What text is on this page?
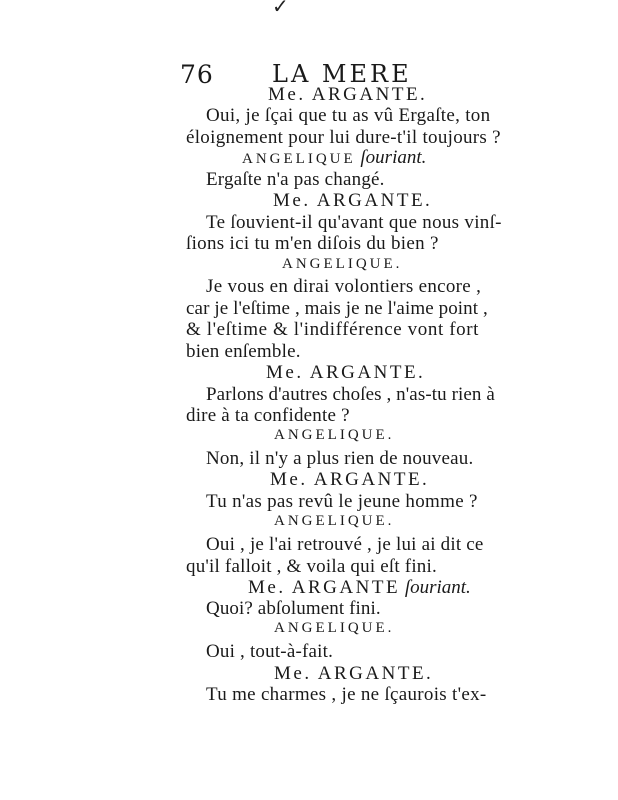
✓
76 LA MERE
Me. ARGANTE.
Oui, je ſçai que tu as vû Ergaſte, ton
éloignement pour lui dure-t'il toujours ?
ANGELIQUE ſouriant.
Ergaſte n'a pas changé.
Me. ARGANTE.
Te ſouvient-il qu'avant que nous vinſ-
ſions ici tu m'en diſois du bien ?
ANGELIQUE.
Je vous en dirai volontiers encore ,
car je l'eſtime , mais je ne l'aime point ,
& l'eſtime & l'indifférence vont fort
bien enſemble.
Me. ARGANTE.
Parlons d'autres choſes , n'as-tu rien à
dire à ta confidente ?
ANGELIQUE.
Non, il n'y a plus rien de nouveau.
Me. ARGANTE.
Tu n'as pas revû le jeune homme ?
ANGELIQUE.
Oui , je l'ai retrouvé , je lui ai dit ce
qu'il falloit , & voila qui eſt fini.
Me. ARGANTE ſouriant.
Quoi? abſolument fini.
ANGELIQUE.
Oui , tout-à-fait.
Me. ARGANTE.
Tu me charmes , je ne ſçaurois t'ex-
